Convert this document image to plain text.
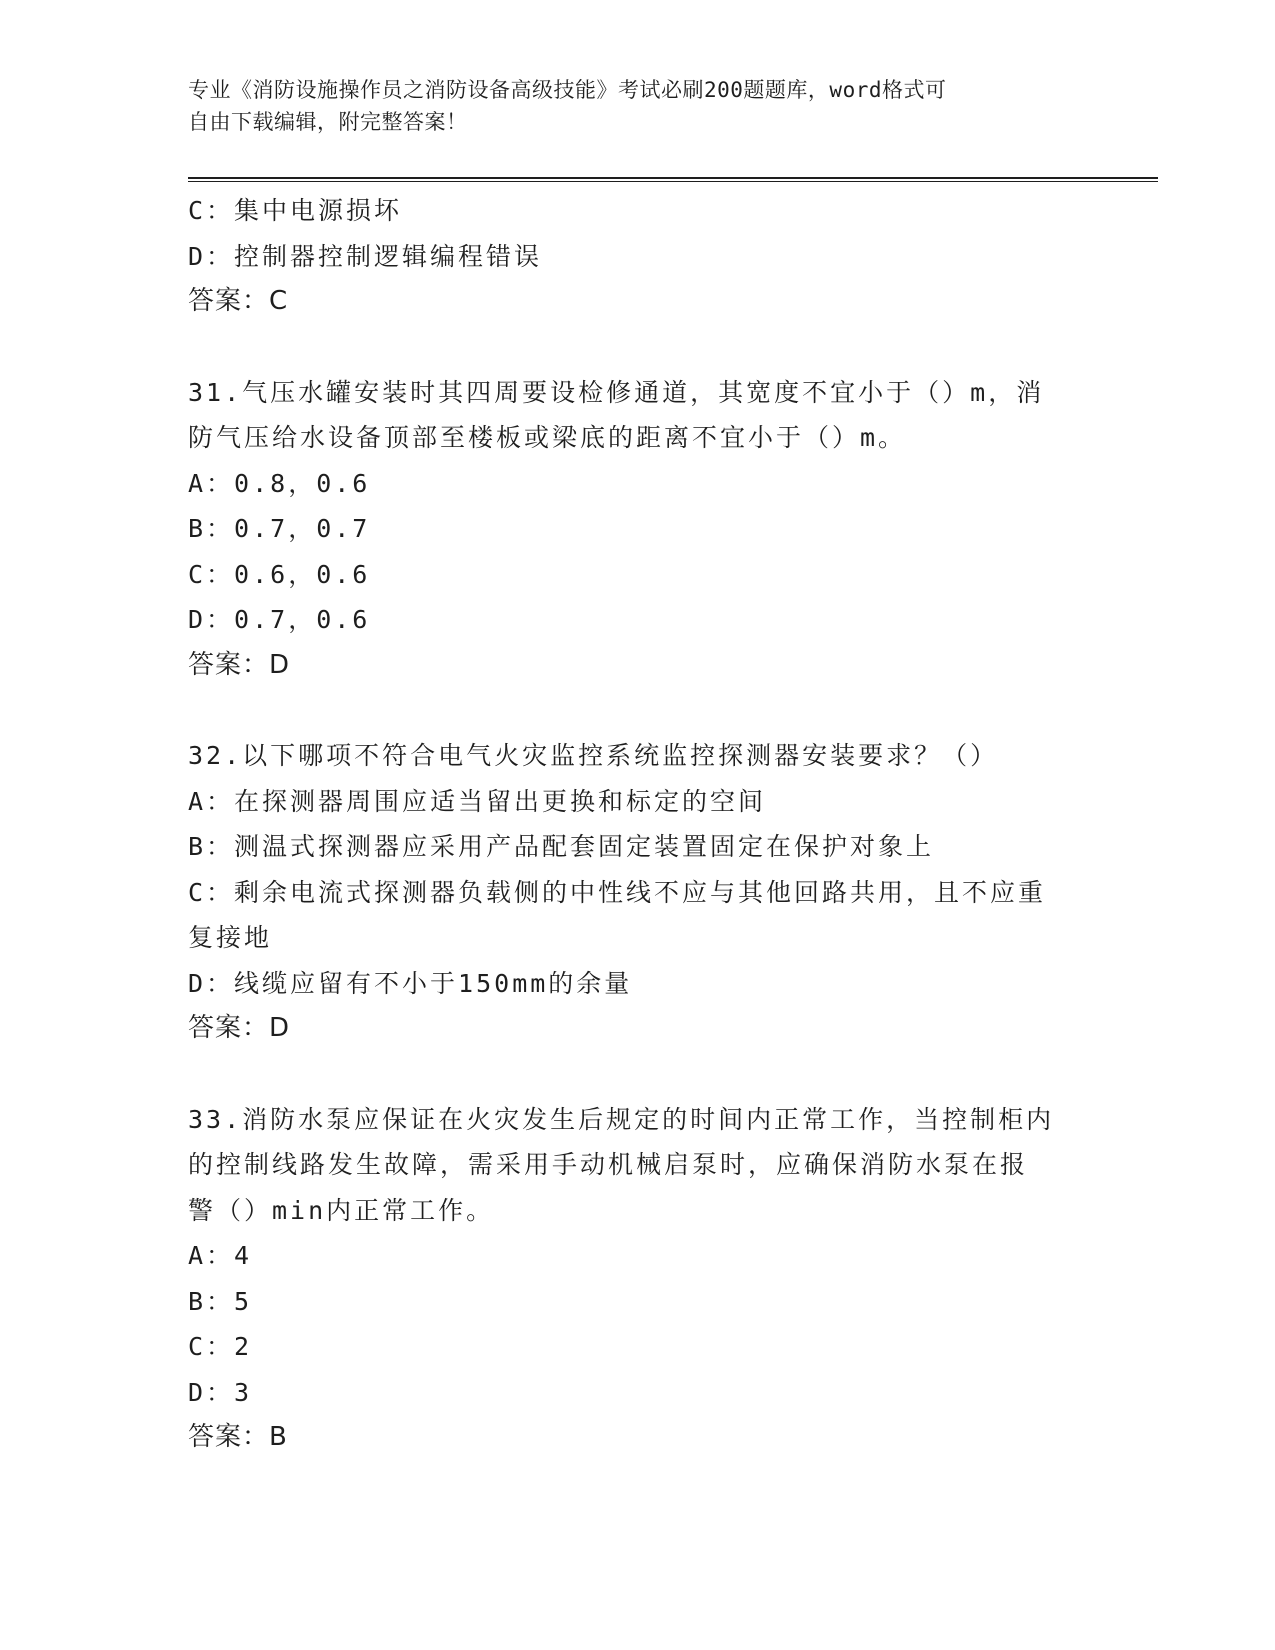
专业《消防设施操作员之消防设备高级技能》考试必刷200题题库，word格式可
自由下载编辑，附完整答案！
C：集中电源损坏
D：控制器控制逻辑编程错误
答案：C
31.气压水罐安装时其四周要设检修通道，其宽度不宜小于（）m，消
防气压给水设备顶部至楼板或梁底的距离不宜小于（）m。
A：0.8，0.6
B：0.7，0.7
C：0.6，0.6
D：0.7，0.6
答案：D
32.以下哪项不符合电气火灾监控系统监控探测器安装要求？（）
A：在探测器周围应适当留出更换和标定的空间
B：测温式探测器应采用产品配套固定装置固定在保护对象上
C：剩余电流式探测器负载侧的中性线不应与其他回路共用，且不应重
复接地
D：线缆应留有不小于150mm的余量
答案：D
33.消防水泵应保证在火灾发生后规定的时间内正常工作，当控制柜内
的控制线路发生故障，需采用手动机械启泵时，应确保消防水泵在报
警（）min内正常工作。
A：4
B：5
C：2
D：3
答案：B
